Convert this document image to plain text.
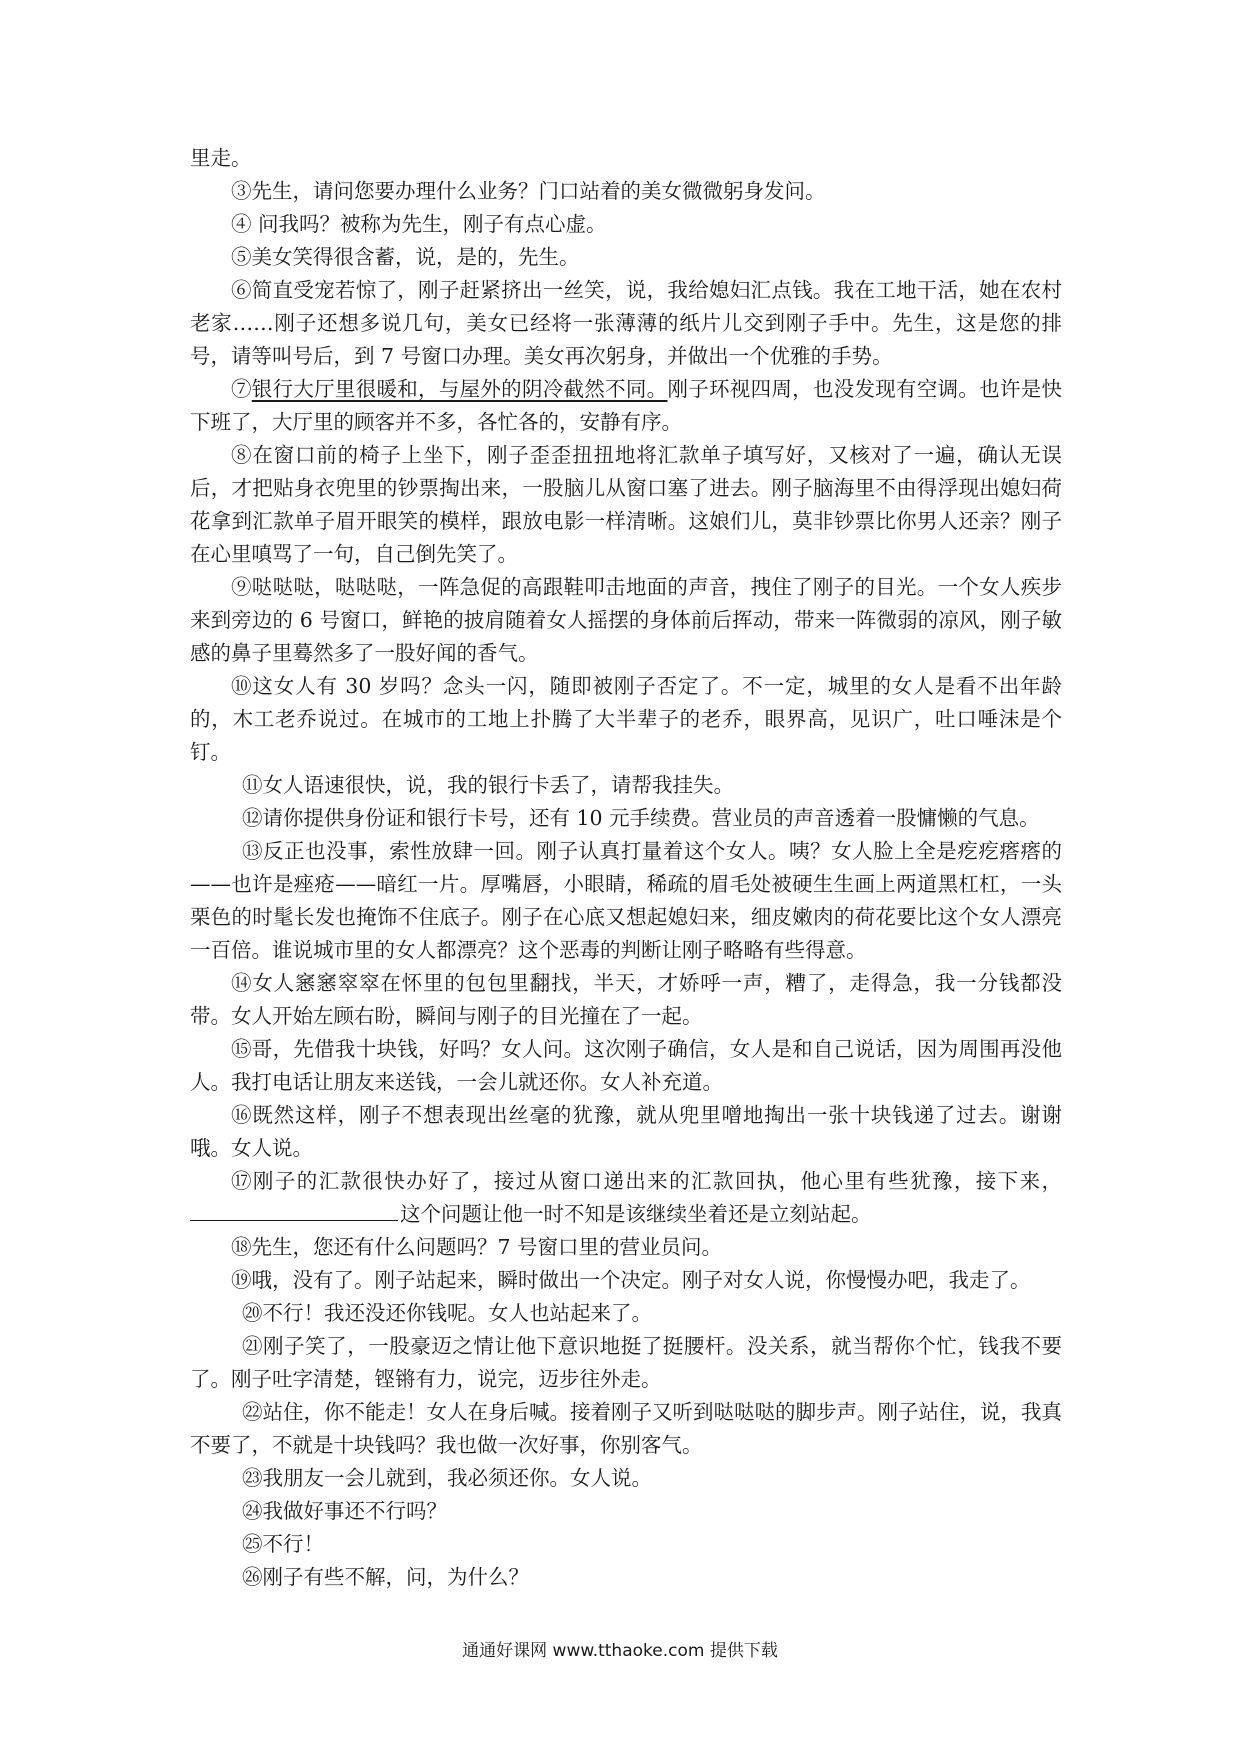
里走。

③先生，请问您要办理什么业务？门口站着的美女微微躬身发问。

④ 问我吗？被称为先生，刚子有点心虚。

⑤美女笑得很含蓄，说，是的，先生。

⑥简直受宠若惊了，刚子赶紧挤出一丝笑，说，我给媳妇汇点钱。我在工地干活，她在农村老家……刚子还想多说几句，美女已经将一张薄薄的纸片儿交到刚子手中。先生，这是您的排号，请等叫号后，到 7 号窗口办理。美女再次躬身，并做出一个优雅的手势。

⑦银行大厅里很暖和，与屋外的阴冷截然不同。刚子环视四周，也没发现有空调。也许是快下班了，大厅里的顾客并不多，各忙各的，安静有序。

⑧在窗口前的椅子上坐下，刚子歪歪扭扭地将汇款单子填写好，又核对了一遍，确认无误后，才把贴身衣兜里的钞票掏出来，一股脑儿从窗口塞了进去。刚子脑海里不由得浮现出媳妇荷花拿到汇款单子眉开眼笑的模样，跟放电影一样清晰。这娘们儿，莫非钞票比你男人还亲？刚子在心里嗔骂了一句，自己倒先笑了。

⑨哒哒哒，哒哒哒，一阵急促的高跟鞋叩击地面的声音，拽住了刚子的目光。一个女人疾步来到旁边的 6 号窗口，鲜艳的披肩随着女人摇摆的身体前后挥动，带来一阵微弱的凉风，刚子敏感的鼻子里蓦然多了一股好闻的香气。

⑩这女人有 30 岁吗？念头一闪，随即被刚子否定了。不一定，城里的女人是看不出年龄的，木工老乔说过。在城市的工地上扑腾了大半辈子的老乔，眼界高，见识广，吐口唾沫是个钉。

⑪女人语速很快，说，我的银行卡丢了，请帮我挂失。

⑫请你提供身份证和银行卡号，还有 10 元手续费。营业员的声音透着一股慵懒的气息。

⑬反正也没事，索性放肆一回。刚子认真打量着这个女人。咦？女人脸上全是疙疙瘩瘩的——也许是痤疮——暗红一片。厚嘴唇，小眼睛，稀疏的眉毛处被硬生生画上两道黑杠杠，一头栗色的时髦长发也掩饰不住底子。刚子在心底又想起媳妇来，细皮嫩肉的荷花要比这个女人漂亮一百倍。谁说城市里的女人都漂亮？这个恶毒的判断让刚子略略有些得意。

⑭女人窸窸窣窣在怀里的包包里翻找，半天，才娇呼一声，糟了，走得急，我一分钱都没带。女人开始左顾右盼，瞬间与刚子的目光撞在了一起。

⑮哥，先借我十块钱，好吗？女人问。这次刚子确信，女人是和自己说话，因为周围再没他人。我打电话让朋友来送钱，一会儿就还你。女人补充道。

⑯既然这样，刚子不想表现出丝毫的犹豫，就从兜里噌地掏出一张十块钱递了过去。谢谢哦。女人说。

⑰刚子的汇款很快办好了，接过从窗口递出来的汇款回执，他心里有些犹豫，接下来，这个问题让他一时不知是该继续坐着还是立刻站起。

⑱先生，您还有什么问题吗？7 号窗口里的营业员问。

⑲哦，没有了。刚子站起来，瞬时做出一个决定。刚子对女人说，你慢慢办吧，我走了。

⑳不行！我还没还你钱呢。女人也站起来了。

㉑刚子笑了，一股豪迈之情让他下意识地挺了挺腰杆。没关系，就当帮你个忙，钱我不要了。刚子吐字清楚，铿锵有力，说完，迈步往外走。

㉒站住，你不能走！女人在身后喊。接着刚子又听到哒哒哒的脚步声。刚子站住，说，我真不要了，不就是十块钱吗？我也做一次好事，你别客气。

㉓我朋友一会儿就到，我必须还你。女人说。

㉔我做好事还不行吗？

㉕不行！

㉖刚子有些不解，问，为什么？

通通好课网 www.tthaoke.com 提供下载
